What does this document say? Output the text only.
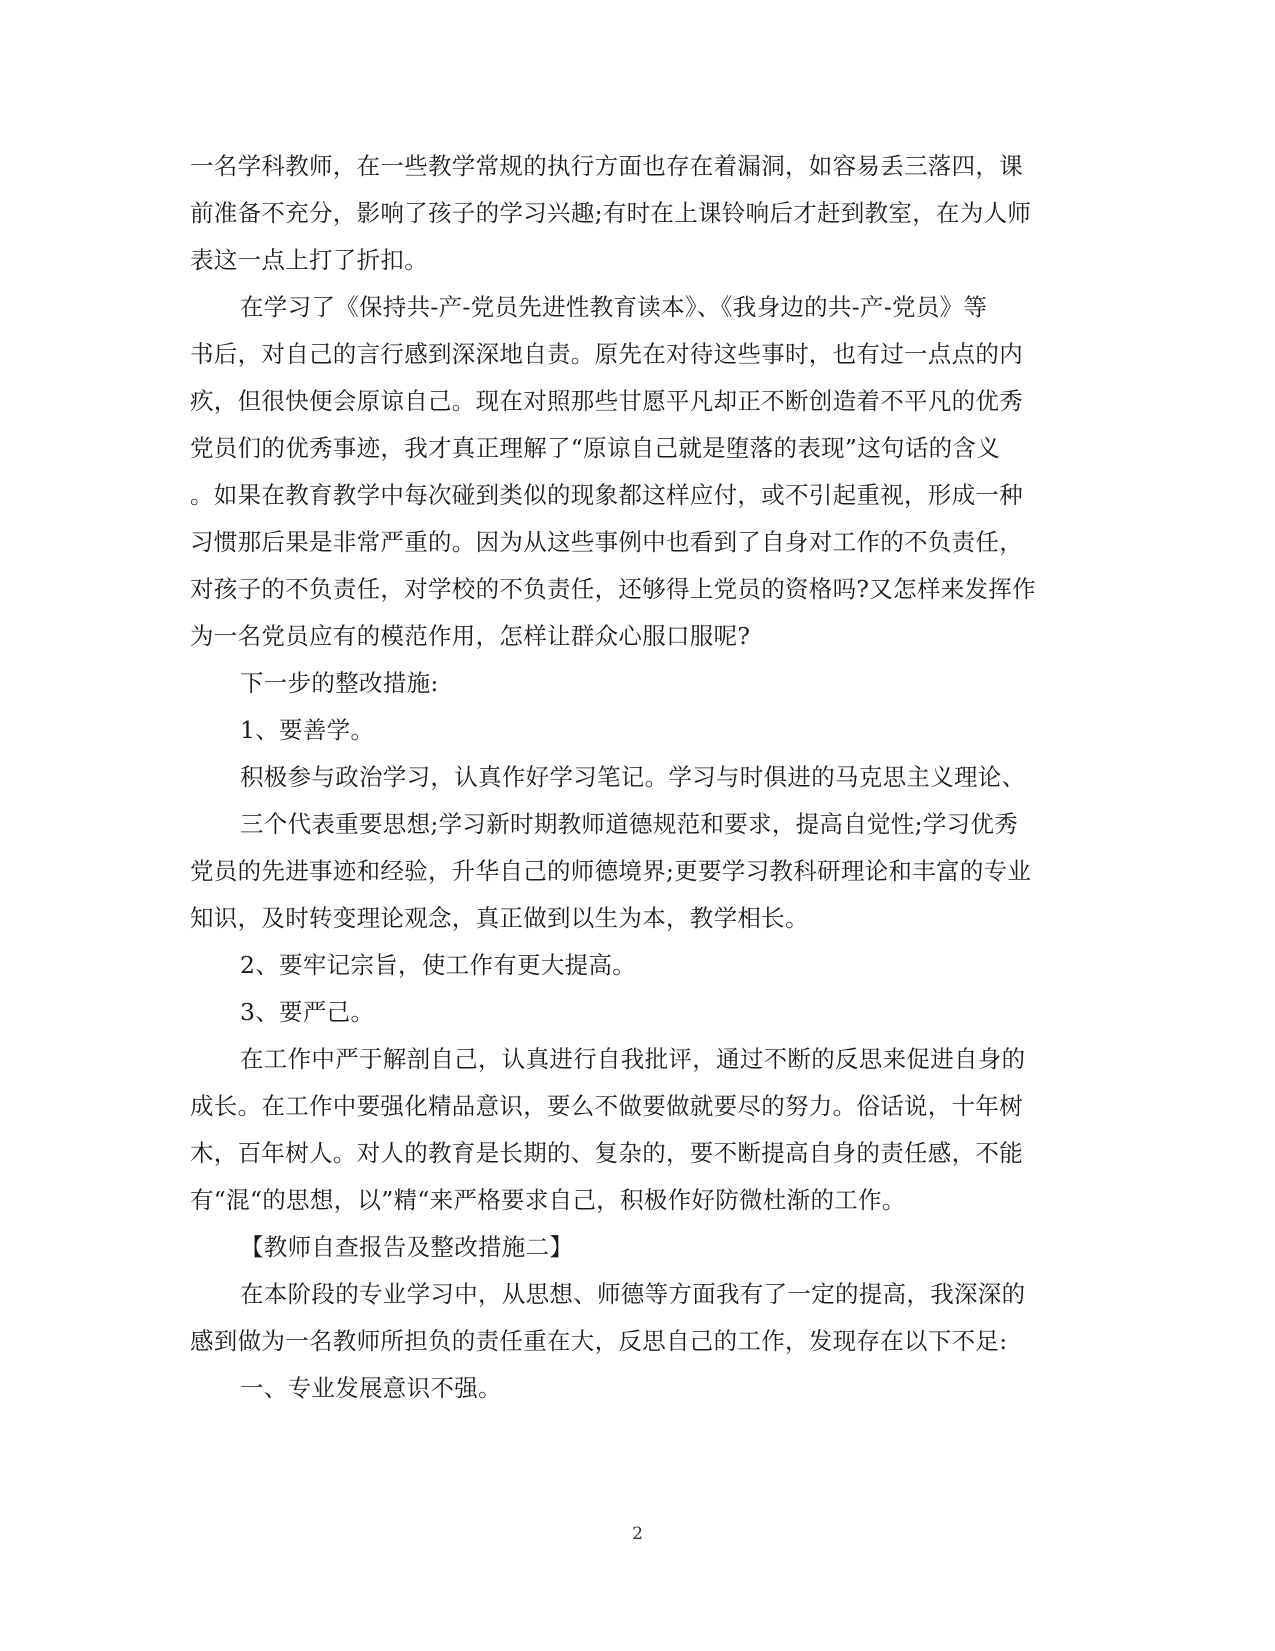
一名学科教师，在一些教学常规的执行方面也存在着漏洞，如容易丢三落四，课
前准备不充分，影响了孩子的学习兴趣;有时在上课铃响后才赶到教室，在为人师
表这一点上打了折扣。
在学习了《保持共-产-党员先进性教育读本》、《我身边的共-产-党员》等
书后，对自己的言行感到深深地自责。原先在对待这些事时，也有过一点点的内
疚，但很快便会原谅自己。现在对照那些甘愿平凡却正不断创造着不平凡的优秀
党员们的优秀事迹，我才真正理解了“原谅自己就是堕落的表现”这句话的含义
。如果在教育教学中每次碰到类似的现象都这样应付，或不引起重视，形成一种
习惯那后果是非常严重的。因为从这些事例中也看到了自身对工作的不负责任，
对孩子的不负责任，对学校的不负责任，还够得上党员的资格吗?又怎样来发挥作
为一名党员应有的模范作用，怎样让群众心服口服呢?
下一步的整改措施:
1、要善学。
积极参与政治学习，认真作好学习笔记。学习与时俱进的马克思主义理论、
三个代表重要思想;学习新时期教师道德规范和要求，提高自觉性;学习优秀
党员的先进事迹和经验，升华自己的师德境界;更要学习教科研理论和丰富的专业
知识，及时转变理论观念，真正做到以生为本，教学相长。
2、要牢记宗旨，使工作有更大提高。
3、要严己。
在工作中严于解剖自己，认真进行自我批评，通过不断的反思来促进自身的
成长。在工作中要强化精品意识，要么不做要做就要尽的努力。俗话说，十年树
木，百年树人。对人的教育是长期的、复杂的，要不断提高自身的责任感，不能
有“混“的思想，以”精“来严格要求自己，积极作好防微杜渐的工作。
【教师自查报告及整改措施二】
在本阶段的专业学习中，从思想、师德等方面我有了一定的提高，我深深的
感到做为一名教师所担负的责任重在大，反思自己的工作，发现存在以下不足:
一、专业发展意识不强。
2
